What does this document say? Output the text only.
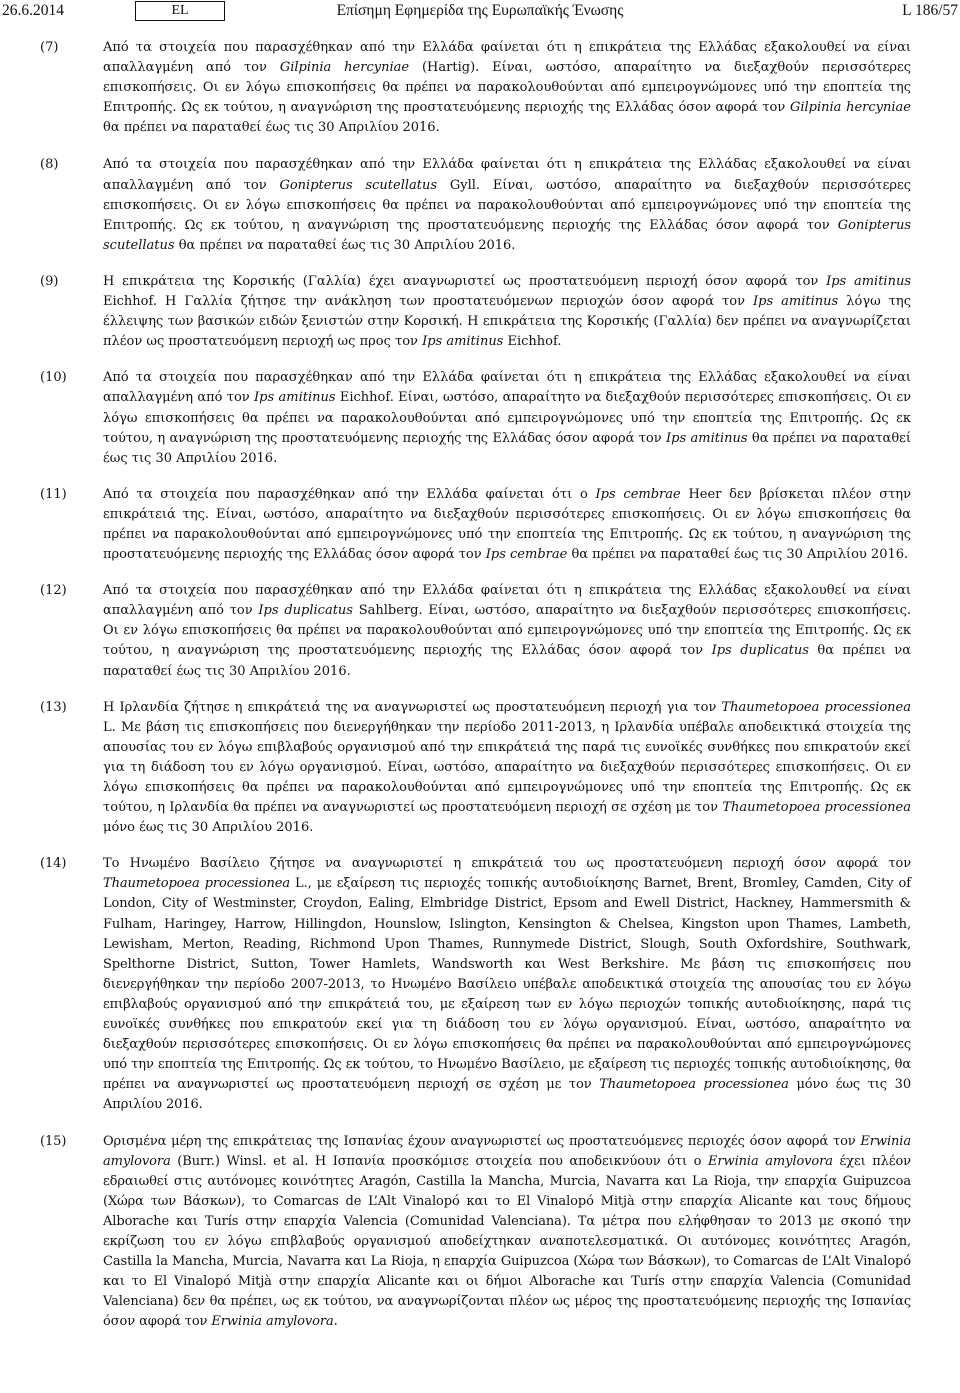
Επίσημη Εφημερίδα της Ευρωπαϊκής Ένωσης
26.6.2014	EL	L 186/57
(7)	Από τα στοιχεία που παρασχέθηκαν από την Ελλάδα φαίνεται ότι η επικράτεια της Ελλάδας εξακολουθεί να είναι απαλλαγμένη από τον Gilpinia hercyniae (Hartig). Είναι, ωστόσο, απαραίτητο να διεξαχθούν περισσότερες επισκοπήσεις. Οι εν λόγω επισκοπήσεις θα πρέπει να παρακολουθούνται από εμπειρογνώμονες υπό την εποπτεία της Επιτροπής. Ως εκ τούτου, η αναγνώριση της προστατευόμενης περιοχής της Ελλάδας όσον αφορά τον Gilpinia hercyniae θα πρέπει να παραταθεί έως τις 30 Απριλίου 2016.
(8)	Από τα στοιχεία που παρασχέθηκαν από την Ελλάδα φαίνεται ότι η επικράτεια της Ελλάδας εξακολουθεί να είναι απαλλαγμένη από τον Gonipterus scutellatus Gyll. Είναι, ωστόσο, απαραίτητο να διεξαχθούν περισσότερες επισκοπήσεις. Οι εν λόγω επισκοπήσεις θα πρέπει να παρακολουθούνται από εμπειρογνώμονες υπό την εποπτεία της Επιτροπής. Ως εκ τούτου, η αναγνώριση της προστατευόμενης περιοχής της Ελλάδας όσον αφορά τον Gonipterus scutellatus θα πρέπει να παραταθεί έως τις 30 Απριλίου 2016.
(9)	Η επικράτεια της Κορσικής (Γαλλία) έχει αναγνωριστεί ως προστατευόμενη περιοχή όσον αφορά τον Ips amitinus Eichhof. Η Γαλλία ζήτησε την ανάκληση των προστατευόμενων περιοχών όσον αφορά τον Ips amitinus λόγω της έλλειψης των βασικών ειδών ξενιστών στην Κορσική. Η επικράτεια της Κορσικής (Γαλλία) δεν πρέπει να αναγνωρίζεται πλέον ως προστατευόμενη περιοχή ως προς τον Ips amitinus Eichhof.
(10)	Από τα στοιχεία που παρασχέθηκαν από την Ελλάδα φαίνεται ότι η επικράτεια της Ελλάδας εξακολουθεί να είναι απαλλαγμένη από τον Ips amitinus Eichhof. Είναι, ωστόσο, απαραίτητο να διεξαχθούν περισσότερες επισκοπήσεις. Οι εν λόγω επισκοπήσεις θα πρέπει να παρακολουθούνται από εμπειρογνώμονες υπό την εποπτεία της Επιτροπής. Ως εκ τούτου, η αναγνώριση της προστατευόμενης περιοχής της Ελλάδας όσον αφορά τον Ips amitinus θα πρέπει να παραταθεί έως τις 30 Απριλίου 2016.
(11)	Από τα στοιχεία που παρασχέθηκαν από την Ελλάδα φαίνεται ότι ο Ips cembrae Heer δεν βρίσκεται πλέον στην επικράτειά της. Είναι, ωστόσο, απαραίτητο να διεξαχθούν περισσότερες επισκοπήσεις. Οι εν λόγω επισκοπήσεις θα πρέπει να παρακολουθούνται από εμπειρογνώμονες υπό την εποπτεία της Επιτροπής. Ως εκ τούτου, η αναγνώριση της προστατευόμενης περιοχής της Ελλάδας όσον αφορά τον Ips cembrae θα πρέπει να παραταθεί έως τις 30 Απριλίου 2016.
(12)	Από τα στοιχεία που παρασχέθηκαν από την Ελλάδα φαίνεται ότι η επικράτεια της Ελλάδας εξακολουθεί να είναι απαλλαγμένη από τον Ips duplicatus Sahlberg. Είναι, ωστόσο, απαραίτητο να διεξαχθούν περισσότερες επισκοπήσεις. Οι εν λόγω επισκοπήσεις θα πρέπει να παρακολουθούνται από εμπειρογνώμονες υπό την εποπτεία της Επιτροπής. Ως εκ τούτου, η αναγνώριση της προστατευόμενης περιοχής της Ελλάδας όσον αφορά τον Ips duplicatus θα πρέπει να παραταθεί έως τις 30 Απριλίου 2016.
(13)	Η Ιρλανδία ζήτησε η επικράτειά της να αναγνωριστεί ως προστατευόμενη περιοχή για τον Thaumetopoea processionea L. Με βάση τις επισκοπήσεις που διενεργήθηκαν την περίοδο 2011-2013, η Ιρλανδία υπέβαλε αποδεικτικά στοιχεία της απουσίας του εν λόγω επιβλαβούς οργανισμού από την επικράτειά της παρά τις ευνοϊκές συνθήκες που επικρατούν εκεί για τη διάδοση του εν λόγω οργανισμού. Είναι, ωστόσο, απαραίτητο να διεξαχθούν περισσότερες επισκοπήσεις. Οι εν λόγω επισκοπήσεις θα πρέπει να παρακολουθούνται από εμπειρογνώμονες υπό την εποπτεία της Επιτροπής. Ως εκ τούτου, η Ιρλανδία θα πρέπει να αναγνωριστεί ως προστατευόμενη περιοχή σε σχέση με τον Thaumetopoea processionea μόνο έως τις 30 Απριλίου 2016.
(14)	Το Ηνωμένο Βασίλειο ζήτησε να αναγνωριστεί η επικράτειά του ως προστατευόμενη περιοχή όσον αφορά τον Thaumetopoea processionea L., με εξαίρεση τις περιοχές τοπικής αυτοδιοίκησης Barnet, Brent, Bromley, Camden, City of London, City of Westminster, Croydon, Ealing, Elmbridge District, Epsom and Ewell District, Hackney, Hammersmith & Fulham, Haringey, Harrow, Hillingdon, Hounslow, Islington, Kensington & Chelsea, Kingston upon Thames, Lambeth, Lewisham, Merton, Reading, Richmond Upon Thames, Runnymede District, Slough, South Oxfordshire, Southwark, Spelthorne District, Sutton, Tower Hamlets, Wandsworth και West Berkshire. Με βάση τις επισκοπήσεις που διενεργήθηκαν την περίοδο 2007-2013, το Ηνωμένο Βασίλειο υπέβαλε αποδεικτικά στοιχεία της απουσίας του εν λόγω επιβλαβούς οργανισμού από την επικράτειά του, με εξαίρεση των εν λόγω περιοχών τοπικής αυτοδιοίκησης, παρά τις ευνοϊκές συνθήκες που επικρατούν εκεί για τη διάδοση του εν λόγω οργανισμού. Είναι, ωστόσο, απαραίτητο να διεξαχθούν περισσότερες επισκοπήσεις. Οι εν λόγω επισκοπήσεις θα πρέπει να παρακολουθούνται από εμπειρογνώμονες υπό την εποπτεία της Επιτροπής. Ως εκ τούτου, το Ηνωμένο Βασίλειο, με εξαίρεση τις περιοχές τοπικής αυτοδιοίκησης, θα πρέπει να αναγνωριστεί ως προστατευόμενη περιοχή σε σχέση με τον Thaumetopoea processionea μόνο έως τις 30 Απριλίου 2016.
(15)	Ορισμένα μέρη της επικράτειας της Ισπανίας έχουν αναγνωριστεί ως προστατευόμενες περιοχές όσον αφορά τον Erwinia amylovora (Burr.) Winsl. et al. Η Ισπανία προσκόμισε στοιχεία που αποδεικνύουν ότι ο Erwinia amylovora έχει πλέον εδραιωθεί στις αυτόνομες κοινότητες Aragón, Castilla la Mancha, Murcia, Navarra και La Rioja, την επαρχία Guipuzcoa (Χώρα των Βάσκων), το Comarcas de L’Alt Vinalopó και το El Vinalopó Mitjà στην επαρχία Alicante και τους δήμους Alborache και Turís στην επαρχία Valencia (Comunidad Valenciana). Τα μέτρα που ελήφθησαν το 2013 με σκοπό την εκρίζωση του εν λόγω επιβλαβούς οργανισμού αποδείχτηκαν αναποτελεσματικά. Οι αυτόνομες κοινότητες Aragón, Castilla la Mancha, Murcia, Navarra και La Rioja, η επαρχία Guipuzcoa (Χώρα των Βάσκων), το Comarcas de L’Alt Vinalopó και το El Vinalopó Mitjà στην επαρχία Alicante και οι δήμοι Alborache και Turís στην επαρχία Valencia (Comunidad Valenciana) δεν θα πρέπει, ως εκ τούτου, να αναγνωρίζονται πλέον ως μέρος της προστατευόμενης περιοχής της Ισπανίας όσον αφορά τον Erwinia amylovora.
